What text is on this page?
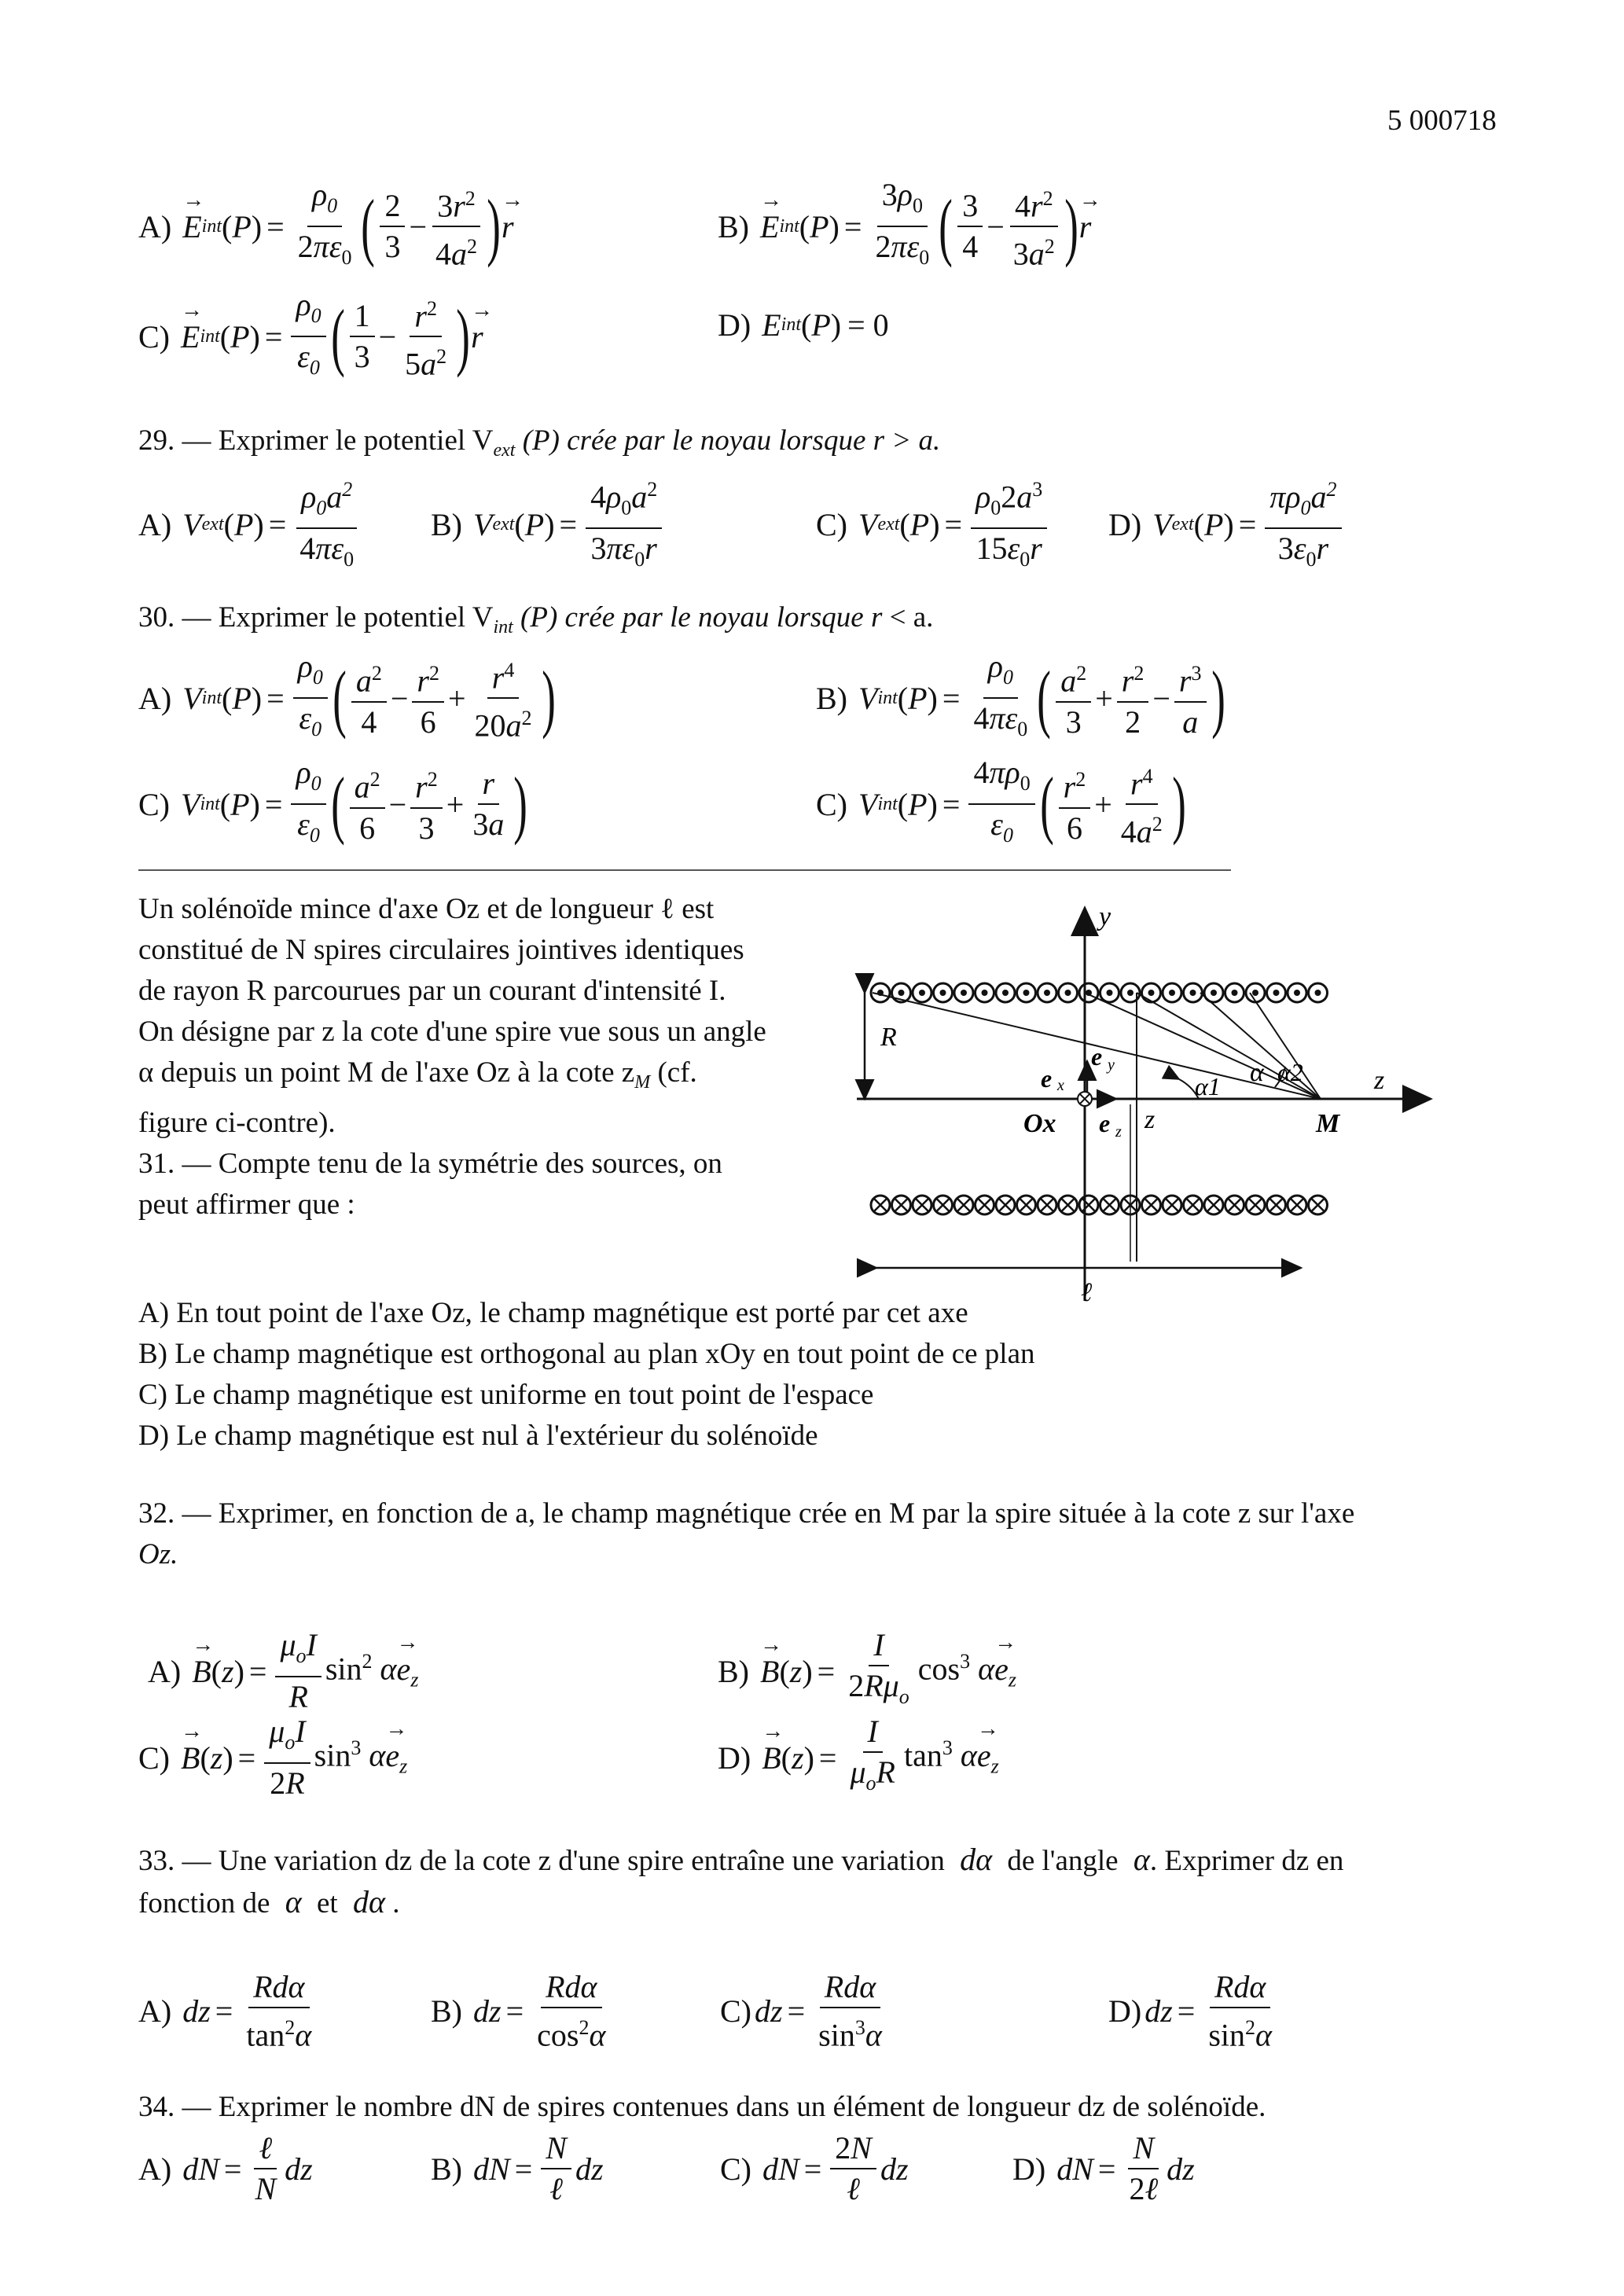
5 000718
A) → E int ( P ) = $\frac{\rho_0}{2\pi\varepsilon_0}$ ( 2
3
− $\frac{3r^2}{4a^2}$ ) → r	B) → E int ( P ) = $\frac{3\rho_0}{2\pi\varepsilon_0}$ ( 3
4
− $\frac{4r^2}{3a^2}$ ) → r
C) → E int ( P ) = $\frac{\rho_0}{\varepsilon_0}$ ( 1
3
− $\frac{r^2}{5a^2}$ ) → r	D) E int ( P ) = 0
29. — Exprimer le potentiel $V_{ext}$ (P) crée par le noyau lorsque r > a.
A) V ext ( P ) = $\frac{\rho_0a^2}{4\pi\varepsilon_0} B$) V ext ( P ) = $\frac{4\rho_0a^2}{3\pi\varepsilon_0r}$	C) V ext ( P ) = $\frac{\rho_02a^3}{15\varepsilon_0r} D$) V ext ( P ) = $\frac{\pi\rho_0a^2}{3\varepsilon_0r}$
30. — Exprimer le potentiel $V_{int}$ (P) crée par le noyau lorsque r < a.
A) V int ( P ) = $\frac{\rho_0}{\varepsilon_0}$ ( $a^2$
4
− $\frac{r^2}{6} + \frac{r^4}{20a^2}$ )	B) V int ( P ) = $\frac{\rho_0}{4\pi\varepsilon_0}$ ( $a^2$
3
+ $\frac{r^2}{2} - \frac{r^3}{a}$ )
C) V int ( P ) = $\frac{\rho_0}{\varepsilon_0}$ ( $a^2$
6
− $\frac{r^2}{3} + \frac{r}{3a}$ )	C) V int ( P ) = $\frac{4\pi\rho_0}{\varepsilon_0}$ ( $r^2$
6
+ $\frac{r^4}{4a^2}$ )
Un solénoïde mince d'axe Oz et de longueur ℓ est
constitué de N spires circulaires jointives identiques
de rayon R parcourues par un courant d'intensité I.
On désigne par z la cote d'une spire vue sous un angle
α depuis un point M de l'axe Oz à la cote $z_M$ (cf.
figure ci-contre).
31. — Compte tenu de la symétrie des sources, on
peut affirmer que :
y
z
R
α1 α α2
e x
e y
e z
Ox	z	M
ℓ
A) En tout point de l'axe Oz, le champ magnétique est porté par cet axe
B) Le champ magnétique est orthogonal au plan xOy en tout point de ce plan
C) Le champ magnétique est uniforme en tout point de l'espace
D) Le champ magnétique est nul à l'extérieur du solénoïde
32. — Exprimer, en fonction de a, le champ magnétique crée en M par la spire située à la cote z sur l'axe
Oz.
A) → B (z) =
$\mu_oI$
R
$\sin^2 \alpha\to e_z$	B) → B (z) =
I
$2R\mu_o$
$\cos^3 \alpha\to e_z$
C) → B (z) =
$\mu_oI$
2R
$\sin^3 \alpha\to e_z$	D) → B (z) =
I
$\mu_oR$ $\tan^3 \alpha\to e_z$
33. — Une variation dz de la cote z d'une spire entraîne une variation dα de l'angle α. Exprimer dz en
fonction de α et dα .
A) dz =
Rdα
$\tan^2\alpha$
B) dz =
Rdα
$\cos^2\alpha$
C) dz =
Rdα
$\sin^3\alpha$
D) dz =
Rdα
$\sin^2\alpha$
34. — Exprimer le nombre dN de spires contenues dans un élément de longueur dz de solénoïde.
A) dN =
ℓ
N
dz	B) dN =
N
ℓ
dz	C) dN =
2N
ℓ
dz	D) dN =
N
2ℓ
dz
